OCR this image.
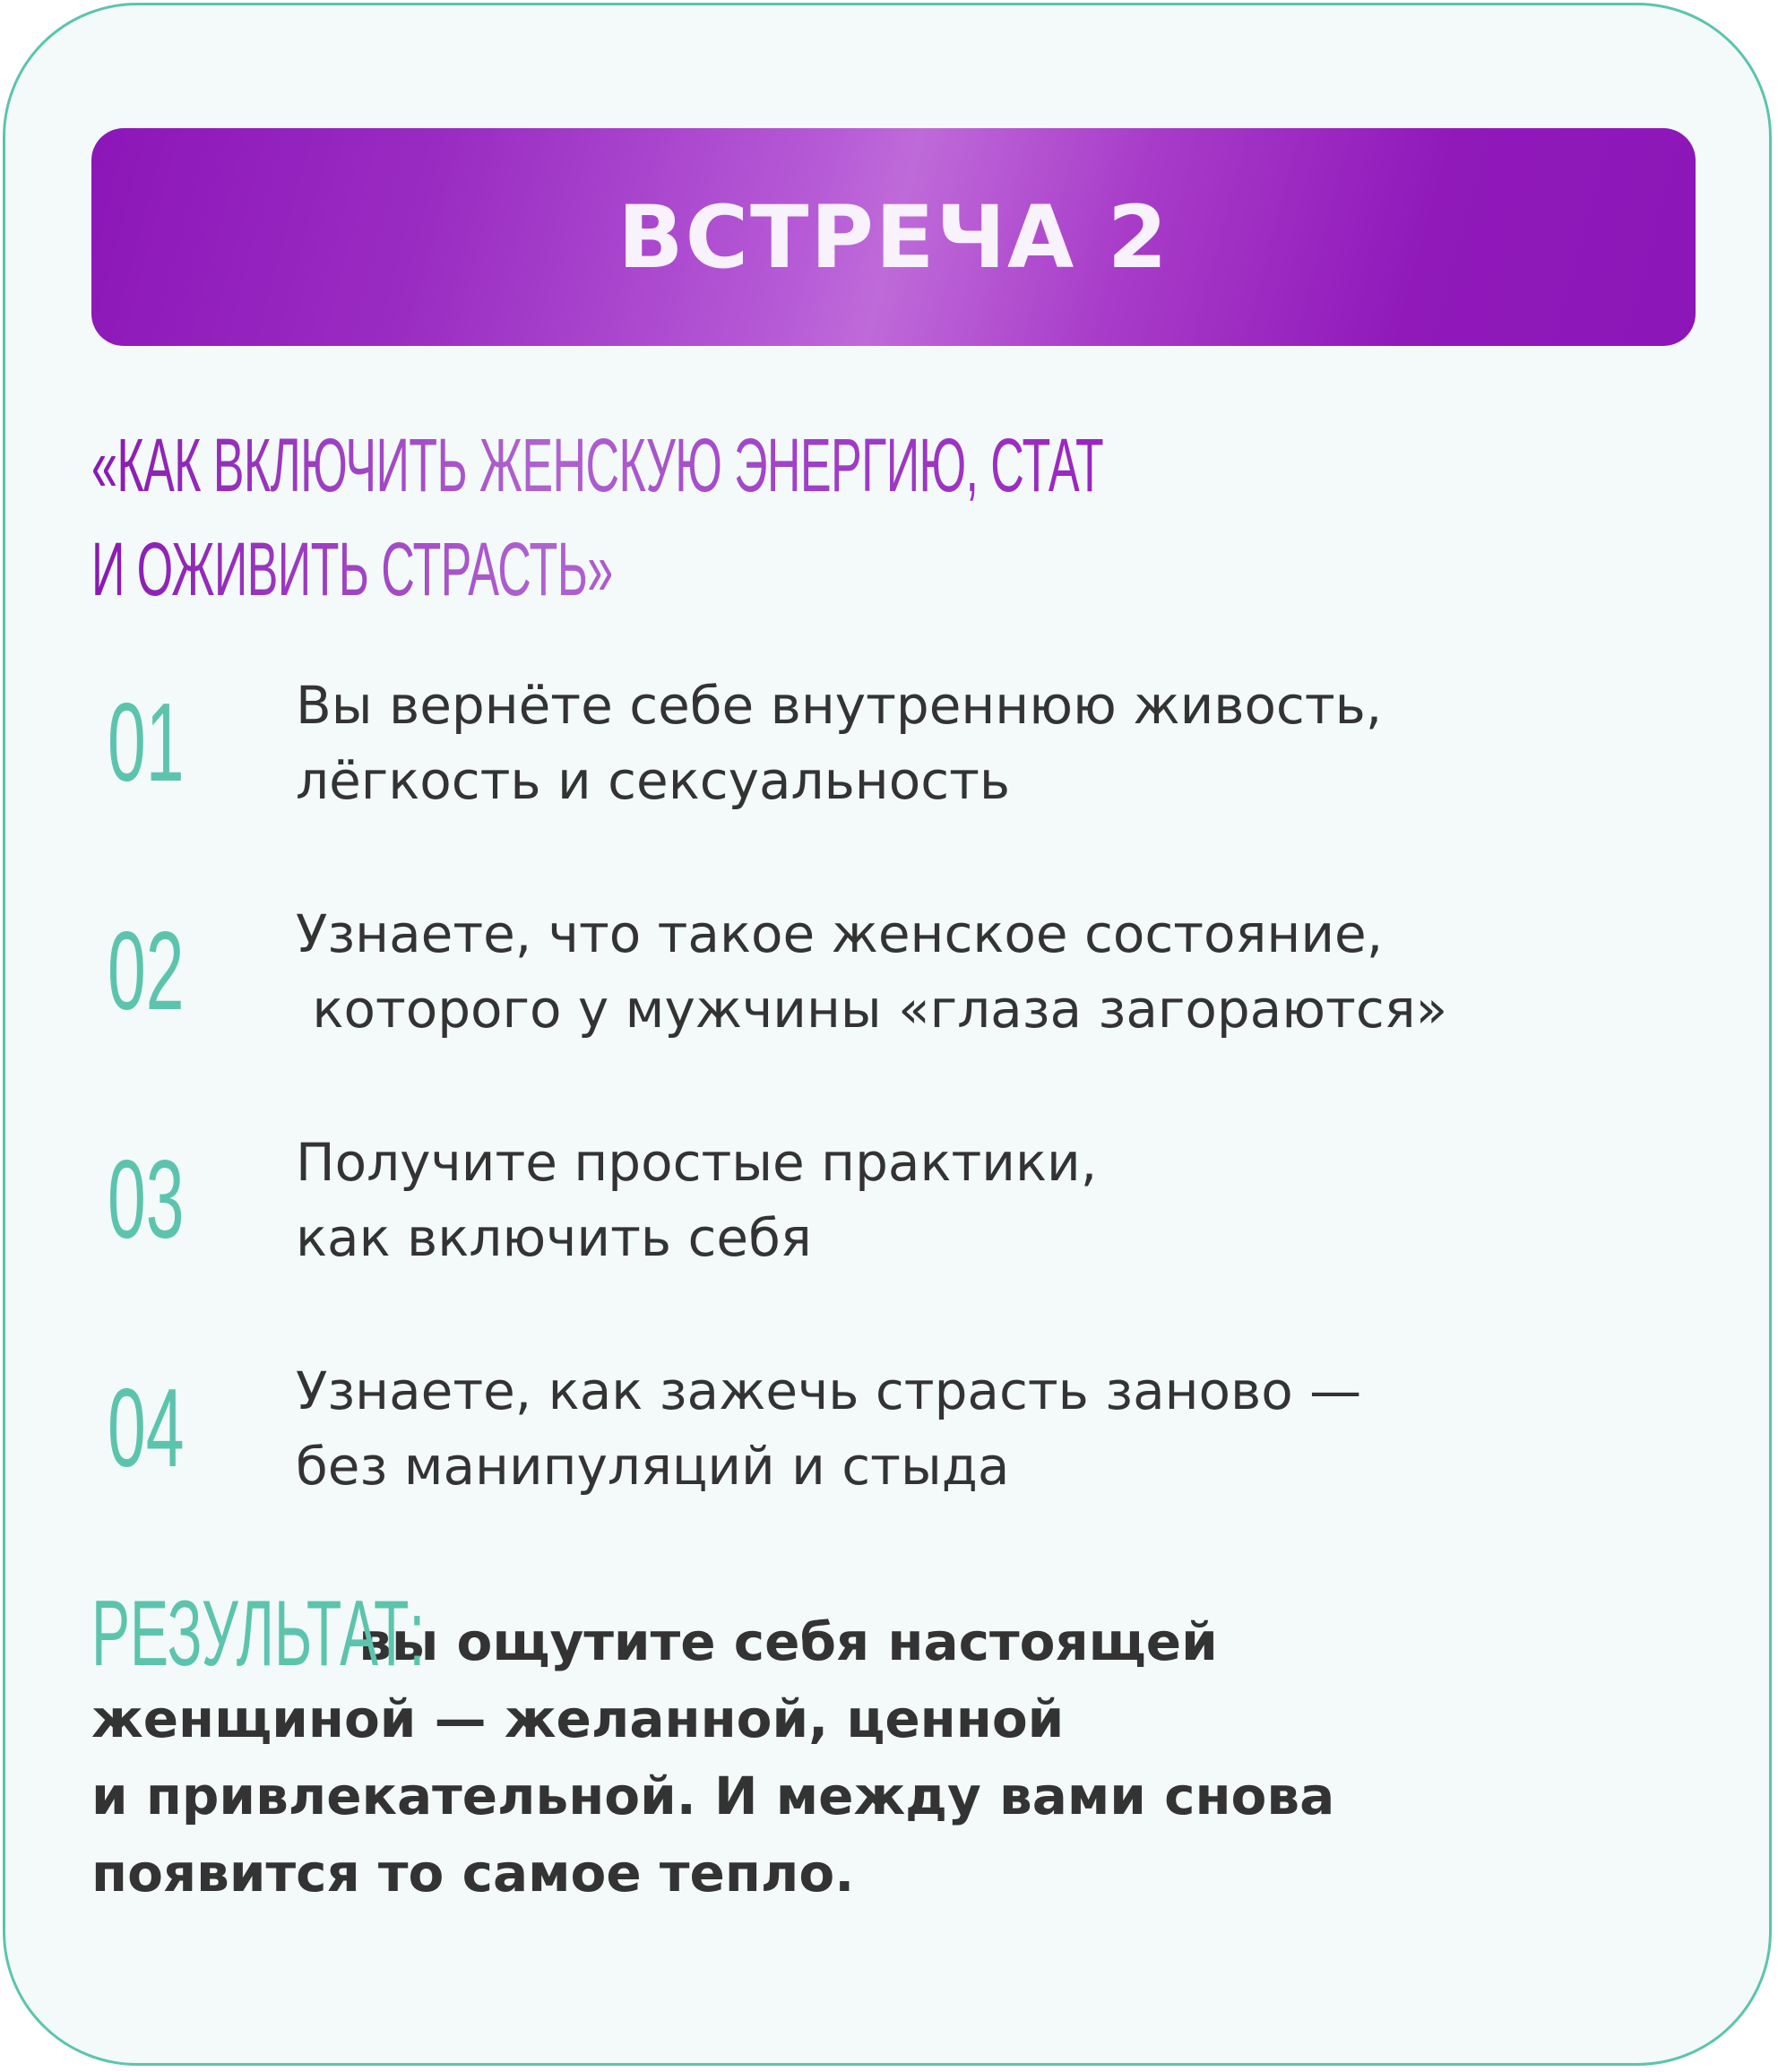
ВСТРЕЧА 2
«КАК ВКЛЮЧИТЬ ЖЕНСКУЮ ЭНЕРГИЮ, СТАТЬ ЖЕЛАННОЙ
И ОЖИВИТЬ СТРАСТЬ»
01 Вы вернёте себе внутреннюю живость,
лёгкость и сексуальность
02 Узнаете, что такое женское состояние,
которого у мужчины «глаза загораются»
03 Получите простые практики,
как включить себя
04 Узнаете, как зажечь страсть заново —
без манипуляций и стыда
РЕЗУЛЬТАТ: вы ощутите себя настоящей
женщиной — желанной, ценной
и привлекательной. И между вами снова
появится то самое тепло.
